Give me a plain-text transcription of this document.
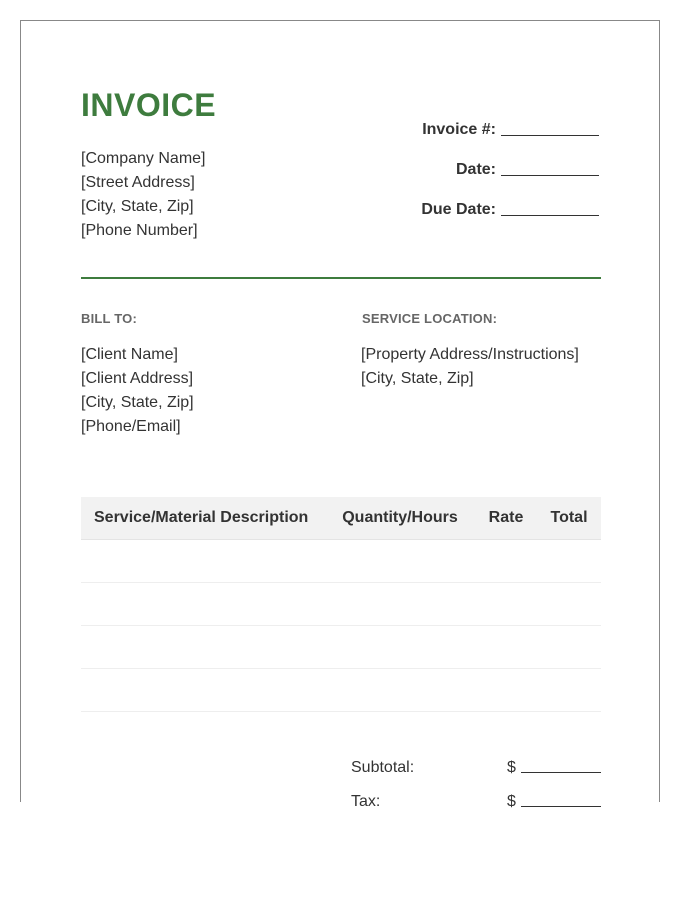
INVOICE
[Company Name]
[Street Address]
[City, State, Zip]
[Phone Number]
Invoice #:
Date:
Due Date:
BILL TO:
[Client Name]
[Client Address]
[City, State, Zip]
[Phone/Email]
SERVICE LOCATION:
[Property Address/Instructions]
[City, State, Zip]
Service/Material Description	Quantity/Hours	Rate	Total
Subtotal:	$
Tax:	$
